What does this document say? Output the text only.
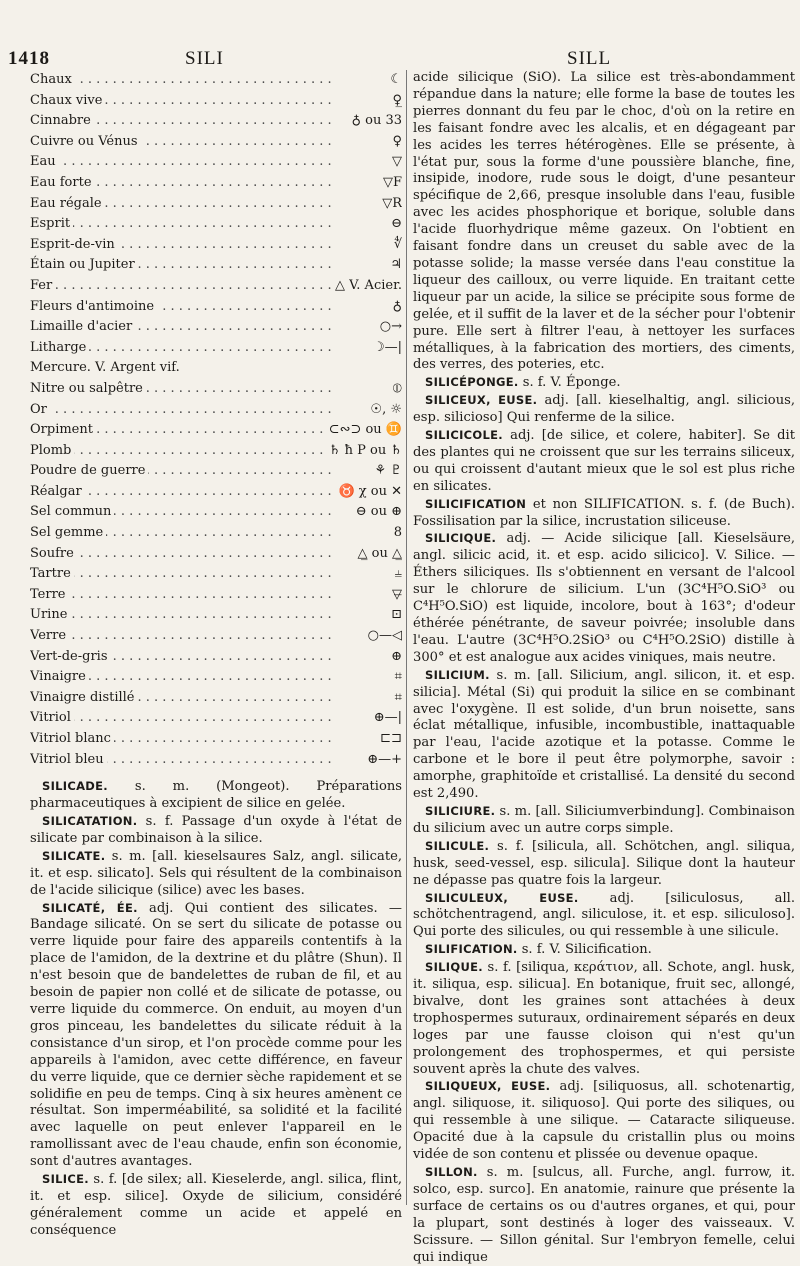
1418	SILI	SILL
. . .
Chaux	☾
. . .
Chaux vive	♀̲
. . .
Cinnabre	♁ ou 33
. . .
Cuivre ou Vénus	♀
. . .
Eau	▽
. . .
Eau forte	▽F
. . .
Eau régale	▽R
. . .
Esprit	⊖
. . .
Esprit-de-vin	∜
. . .
Étain ou Jupiter	♃
. . .
Fer	△ V. Acier.
. . .
Fleurs d'antimoine	♁
. . .
Limaille d'acier	○→
. . .
Litharge	☽—|
Mercure. V. Argent vif.
. . .
Nitre ou salpêtre	⦶
. . .
Or	☉, ☼
. . .
Orpiment	⊂∾⊃ ou ♊
. . .
Plomb	♄ ħ P ou ♄
. . .
Poudre de guerre	⚘ ♇
. . .
Réalgar	♉ χ ou ✕
. . .
Sel commun	⊖ ou ⊕
. . .
Sel gemme	8
. . .
Soufre	△̲ ou △̲
. . .
Tartre	⫨
. . .
Terre	▽̶
. . .
Urine	⊡
. . .
Verre	○—◁
. . .
Vert-de-gris	⊕
. . .
Vinaigre	⌗
. . .
Vinaigre distillé	⌗
. . .
Vitriol	⊕—|
. . .
Vitriol blanc	⊏⊐
. . .
Vitriol bleu	⊕—+

SILICADE. s. m. (Mongeot). Préparations pharmaceutiques à excipient de silice en gelée.

SILICATATION. s. f. Passage d'un oxyde à l'état de silicate par combinaison à la silice.

SILICATE. s. m. [all. kieselsaures Salz, angl. silicate, it. et esp. silicato]. Sels qui résultent de la combinaison de l'acide silicique (silice) avec les bases.

SILICATÉ, ÉE. adj. Qui contient des silicates. — Bandage silicaté. On se sert du silicate de potasse ou verre liquide pour faire des appareils contentifs à la place de l'amidon, de la dextrine et du plâtre (Shun). Il n'est besoin que de bandelettes de ruban de fil, et au besoin de papier non collé et de silicate de potasse, ou verre liquide du commerce. On enduit, au moyen d'un gros pinceau, les bandelettes du silicate réduit à la consistance d'un sirop, et l'on procède comme pour les appareils à l'amidon, avec cette différence, en faveur du verre liquide, que ce dernier sèche rapidement et se solidifie en peu de temps. Cinq à six heures amènent ce résultat. Son imperméabilité, sa solidité et la facilité avec laquelle on peut enlever l'appareil en le ramollissant avec de l'eau chaude, enfin son économie, sont d'autres avantages.

SILICE. s. f. [de silex; all. Kieselerde, angl. silica, flint, it. et esp. silice]. Oxyde de silicium, considéré généralement comme un acide et appelé en conséquence

acide silicique (SiO). La silice est très-abondamment répandue dans la nature; elle forme la base de toutes les pierres donnant du feu par le choc, d'où on la retire en les faisant fondre avec les alcalis, et en dégageant par les acides les terres hétérogènes. Elle se présente, à l'état pur, sous la forme d'une poussière blanche, fine, insipide, inodore, rude sous le doigt, d'une pesanteur spécifique de 2,66, presque insoluble dans l'eau, fusible avec les acides phosphorique et borique, soluble dans l'acide fluorhydrique même gazeux. On l'obtient en faisant fondre dans un creuset du sable avec de la potasse solide; la masse versée dans l'eau constitue la liqueur des cailloux, ou verre liquide. En traitant cette liqueur par un acide, la silice se précipite sous forme de gelée, et il suffit de la laver et de la sécher pour l'obtenir pure. Elle sert à filtrer l'eau, à nettoyer les surfaces métalliques, à la fabrication des mortiers, des ciments, des verres, des poteries, etc.

SILICÉPONGE. s. f. V. Éponge.

SILICEUX, EUSE. adj. [all. kieselhaltig, angl. silicious, esp. silicioso] Qui renferme de la silice.

SILICICOLE. adj. [de silice, et colere, habiter]. Se dit des plantes qui ne croissent que sur les terrains siliceux, ou qui croissent d'autant mieux que le sol est plus riche en silicates.

SILICIFICATION et non SILIFICATION. s. f. (de Buch). Fossilisation par la silice, incrustation siliceuse.

SILICIQUE. adj. — Acide silicique [all. Kieselsäure, angl. silicic acid, it. et esp. acido silicico]. V. Silice. — Éthers siliciques. Ils s'obtiennent en versant de l'alcool sur le chlorure de silicium. L'un (3C⁴H⁵O.SiO³ ou C⁴H⁵O.SiO) est liquide, incolore, bout à 163°; d'odeur éthérée pénétrante, de saveur poivrée; insoluble dans l'eau. L'autre (3C⁴H⁵O.2SiO³ ou C⁴H⁵O.2SiO) distille à 300° et est analogue aux acides viniques, mais neutre.

SILICIUM. s. m. [all. Silicium, angl. silicon, it. et esp. silicia]. Métal (Si) qui produit la silice en se combinant avec l'oxygène. Il est solide, d'un brun noisette, sans éclat métallique, infusible, incombustible, inattaquable par l'eau, l'acide azotique et la potasse. Comme le carbone et le bore il peut être polymorphe, savoir : amorphe, graphitoïde et cristallisé. La densité du second est 2,490.

SILICIURE. s. m. [all. Siliciumverbindung]. Combinaison du silicium avec un autre corps simple.

SILICULE. s. f. [silicula, all. Schötchen, angl. siliqua, husk, seed-vessel, esp. silicula]. Silique dont la hauteur ne dépasse pas quatre fois la largeur.

SILICULEUX, EUSE. adj. [siliculosus, all. schötchentragend, angl. siliculose, it. et esp. siliculoso]. Qui porte des silicules, ou qui ressemble à une silicule.

SILIFICATION. s. f. V. Silicification.

SILIQUE. s. f. [siliqua, κεράτιον, all. Schote, angl. husk, it. siliqua, esp. silicua]. En botanique, fruit sec, allongé, bivalve, dont les graines sont attachées à deux trophospermes suturaux, ordinairement séparés en deux loges par une fausse cloison qui n'est qu'un prolongement des trophospermes, et qui persiste souvent après la chute des valves.

SILIQUEUX, EUSE. adj. [siliquosus, all. schotenartig, angl. siliquose, it. siliquoso]. Qui porte des siliques, ou qui ressemble à une silique. — Cataracte siliqueuse. Opacité due à la capsule du cristallin plus ou moins vidée de son contenu et plissée ou devenue opaque.

SILLON. s. m. [sulcus, all. Furche, angl. furrow, it. solco, esp. surco]. En anatomie, rainure que présente la surface de certains os ou d'autres organes, et qui, pour la plupart, sont destinés à loger des vaisseaux. V. Scissure. — Sillon génital. Sur l'embryon femelle, celui qui indique
